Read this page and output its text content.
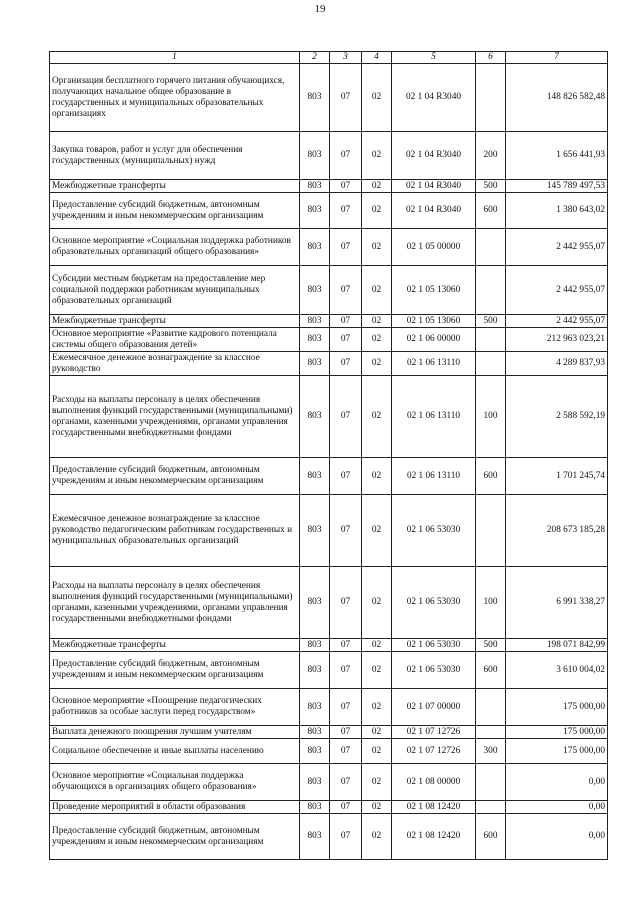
19
1	2	3	4	5	6	7
Организация бесплатного горячего питания обучающихся, получающих начальное общее образование в государственных и муниципальных образовательных организациях	803	07	02	02 1 04 R3040		148 826 582,48
Закупка товаров, работ и услуг для обеспечения государственных (муниципальных) нужд	803	07	02	02 1 04 R3040	200	1 656 441,93
Межбюджетные трансферты	803	07	02	02 1 04 R3040	500	145 789 497,53
Предоставление субсидий бюджетным, автономным учреждениям и иным некоммерческим организациям	803	07	02	02 1 04 R3040	600	1 380 643,02
Основное мероприятие «Социальная поддержка работников образовательных организаций общего образования»	803	07	02	02 1 05 00000		2 442 955,07
Субсидии местным бюджетам на предоставление мер социальной поддержки работникам муниципальных образовательных организаций	803	07	02	02 1 05 13060		2 442 955,07
Межбюджетные трансферты	803	07	02	02 1 05 13060	500	2 442 955,07
Основное мероприятие «Развитие кадрового потенциала системы общего образования детей»	803	07	02	02 1 06 00000		212 963 023,21
Ежемесячное денежное вознаграждение за классное руководство	803	07	02	02 1 06 13110		4 289 837,93
Расходы на выплаты персоналу в целях обеспечения выполнения функций государственными (муниципальными) органами, казенными учреждениями, органами управления государственными внебюджетными фондами	803	07	02	02 1 06 13110	100	2 588 592,19
Предоставление субсидий бюджетным, автономным учреждениям и иным некоммерческим организациям	803	07	02	02 1 06 13110	600	1 701 245,74
Ежемесячное денежное вознаграждение за классное руководство педагогическим работникам государственных и муниципальных образовательных организаций	803	07	02	02 1 06 53030		208 673 185,28
Расходы на выплаты персоналу в целях обеспечения выполнения функций государственными (муниципальными) органами, казенными учреждениями, органами управления государственными внебюджетными фондами	803	07	02	02 1 06 53030	100	6 991 338,27
Межбюджетные трансферты	803	07	02	02 1 06 53030	500	198 071 842,99
Предоставление субсидий бюджетным, автономным учреждениям и иным некоммерческим организациям	803	07	02	02 1 06 53030	600	3 610 004,02
Основное мероприятие «Поощрение педагогических работников за особые заслуги перед государством»	803	07	02	02 1 07 00000		175 000,00
Выплата денежного поощрения лучшим учителям	803	07	02	02 1 07 12726		175 000,00
Социальное обеспечение и иные выплаты населению	803	07	02	02 1 07 12726	300	175 000,00
Основное мероприятие «Социальная поддержка обучающихся в организациях общего образования»	803	07	02	02 1 08 00000		0,00
Проведение мероприятий в области образования	803	07	02	02 1 08 12420		0,00
Предоставление субсидий бюджетным, автономным учреждениям и иным некоммерческим организациям	803	07	02	02 1 08 12420	600	0,00
